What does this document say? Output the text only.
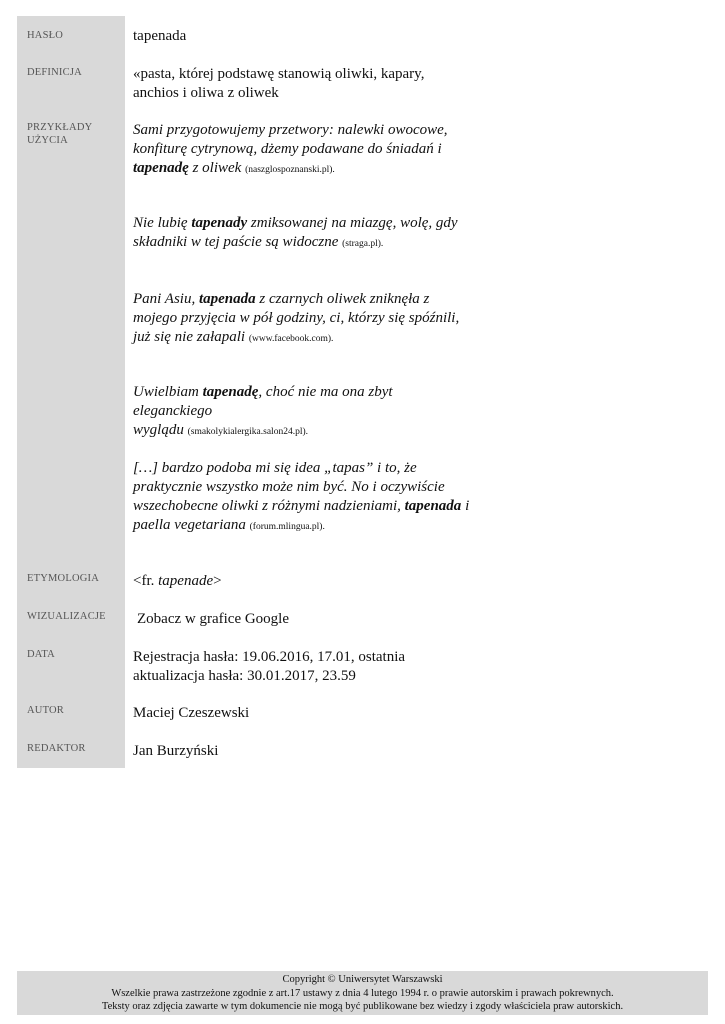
HASŁO
DEFINICJA
PRZYKŁADY
UŻYCIA
ETYMOLOGIA
WIZUALIZACJE
DATA
AUTOR
REDAKTOR
tapenada
«pasta, której podstawę stanowią oliwki, kapary,
anchios i oliwa z oliwek
Sami przygotowujemy przetwory: nalewki owocowe,
konfiturę cytrynową, dżemy podawane do śniadań i
tapenadę z oliwek (naszglospoznanski.pl).
Nie lubię tapenady zmiksowanej na miazgę, wolę, gdy
składniki w tej paście są widoczne (straga.pl).
Pani Asiu, tapenada z czarnych oliwek zniknęła z
mojego przyjęcia w pół godziny, ci, którzy się spóźnili,
już się nie załapali (www.facebook.com).
Uwielbiam tapenadę, choć nie ma ona zbyt eleganckiego
wyglądu (smakolykialergika.salon24.pl).
[…] bardzo podoba mi się idea „tapas” i to, że
praktycznie wszystko może nim być. No i oczywiście
wszechobecne oliwki z różnymi nadzieniami, tapenada i
paella vegetariana (forum.mlingua.pl).
<fr. tapenade>
Zobacz w grafice Google
Rejestracja hasła: 19.06.2016, 17.01, ostatnia
aktualizacja hasła: 30.01.2017, 23.59
Maciej Czeszewski
Jan Burzyński
Copyright © Uniwersytet Warszawski
Wszelkie prawa zastrzeżone zgodnie z art.17 ustawy z dnia 4 lutego 1994 r. o prawie autorskim i prawach pokrewnych.
Teksty oraz zdjęcia zawarte w tym dokumencie nie mogą być publikowane bez wiedzy i zgody właściciela praw autorskich.
